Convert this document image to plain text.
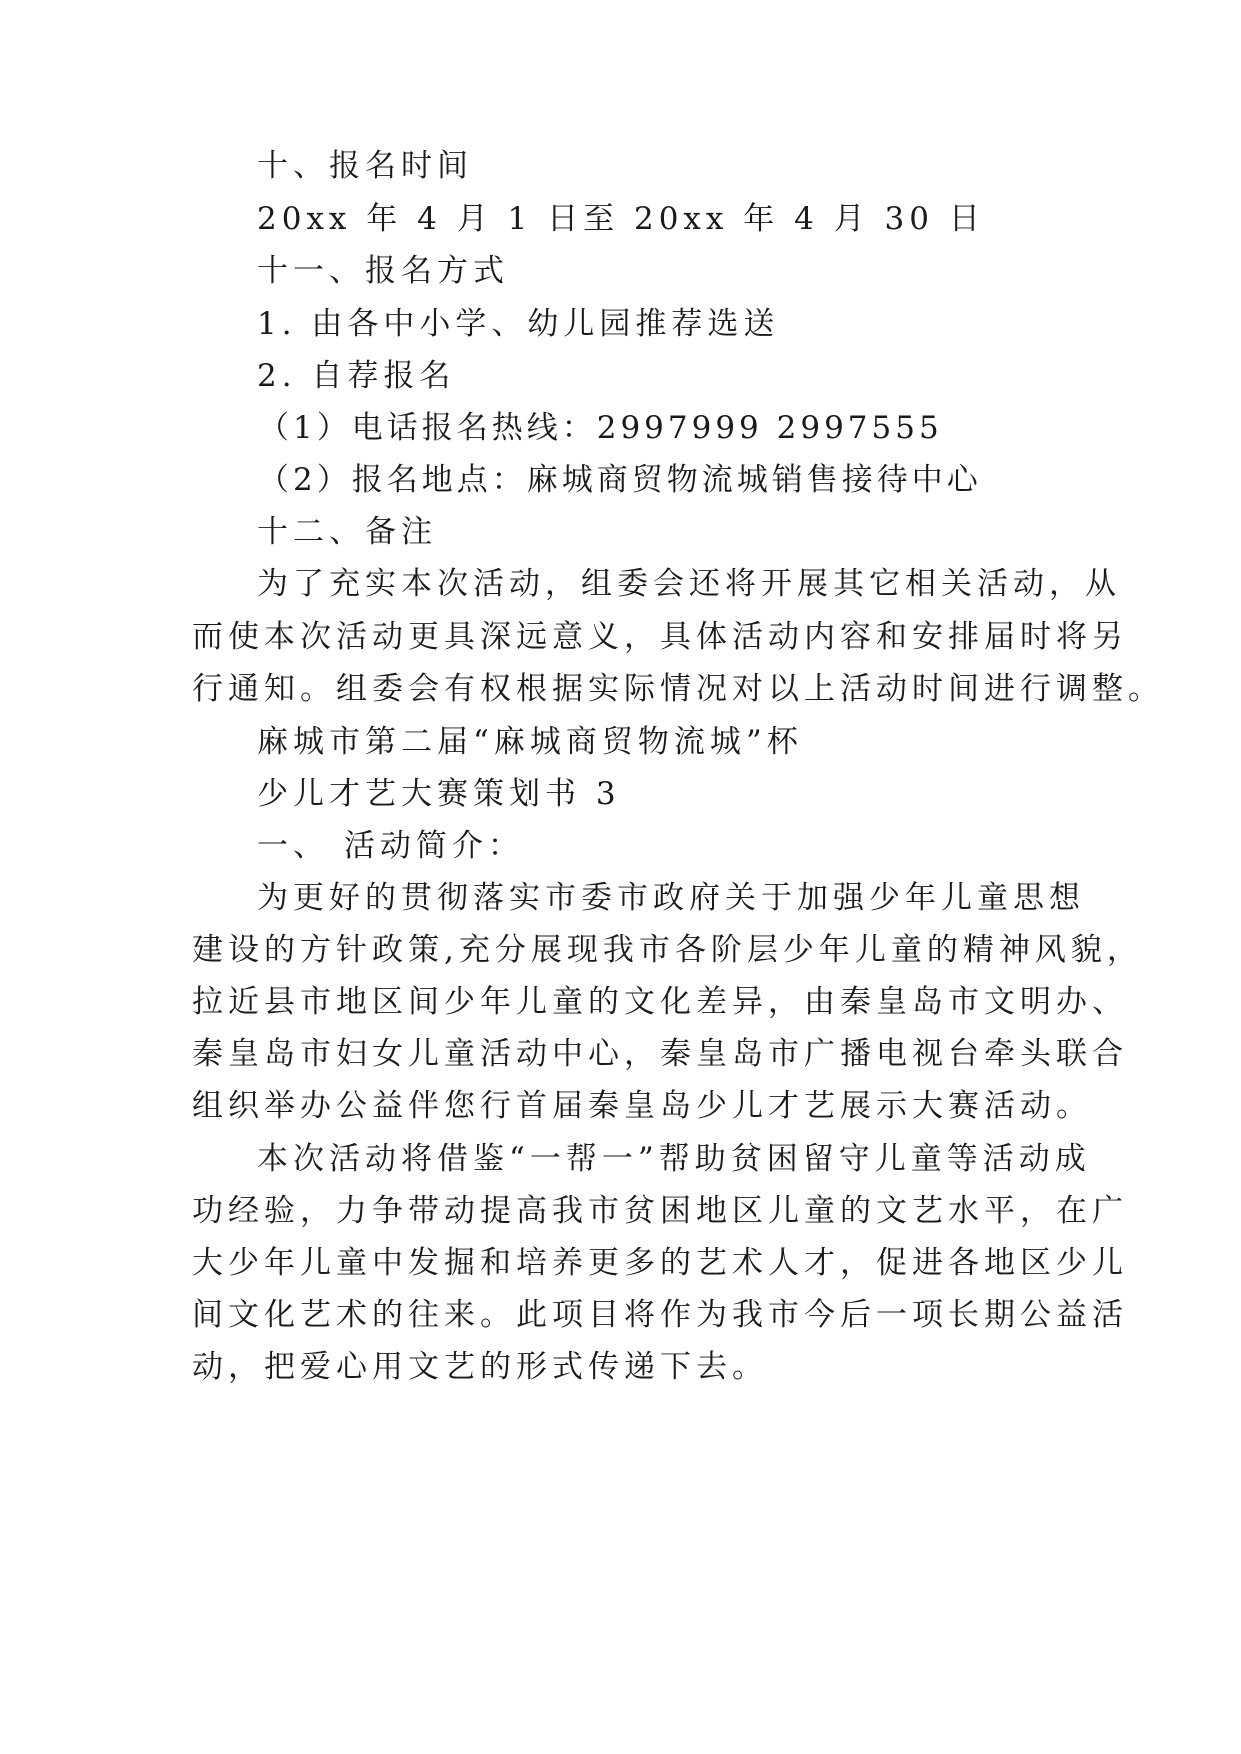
十、报名时间
20xx 年 4 月 1 日至 20xx 年 4 月 30 日
十一、报名方式
1. 由各中小学、幼儿园推荐选送
2. 自荐报名
（1）电话报名热线：2997999 2997555
（2）报名地点：麻城商贸物流城销售接待中心
十二、备注
为了充实本次活动，组委会还将开展其它相关活动，从
而使本次活动更具深远意义，具体活动内容和安排届时将另
行通知。组委会有权根据实际情况对以上活动时间进行调整。
麻城市第二届“麻城商贸物流城”杯
少儿才艺大赛策划书 3
一、 活动简介：
为更好的贯彻落实市委市政府关于加强少年儿童思想
建设的方针政策,充分展现我市各阶层少年儿童的精神风貌，
拉近县市地区间少年儿童的文化差异，由秦皇岛市文明办、
秦皇岛市妇女儿童活动中心，秦皇岛市广播电视台牵头联合
组织举办公益伴您行首届秦皇岛少儿才艺展示大赛活动。
本次活动将借鉴“一帮一”帮助贫困留守儿童等活动成
功经验，力争带动提高我市贫困地区儿童的文艺水平，在广
大少年儿童中发掘和培养更多的艺术人才，促进各地区少儿
间文化艺术的往来。此项目将作为我市今后一项长期公益活
动，把爱心用文艺的形式传递下去。
